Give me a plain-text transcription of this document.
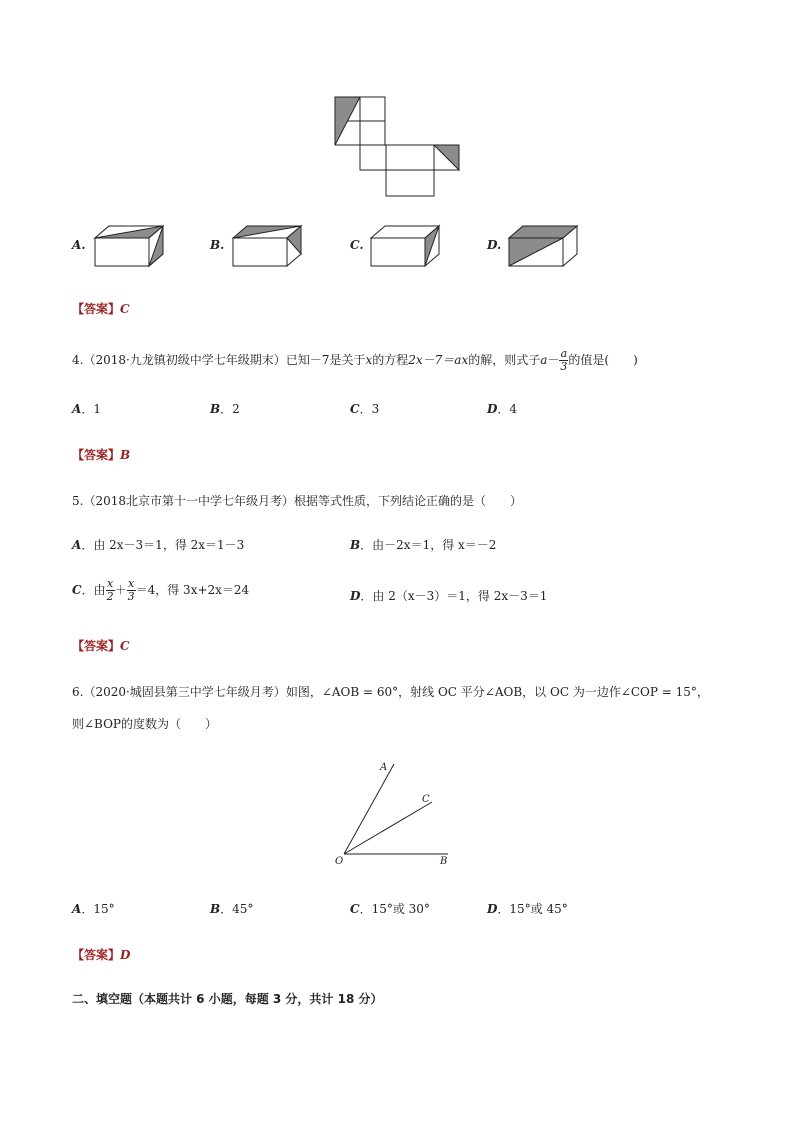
A.	B.	C.	D.
【答案】C
4.（2018·九龙镇初级中学七年级期末）已知－7是关于x的方程2x－7＝ax的解，则式子$a- \frac{a}{3}$ 的值是(　　)
A．1	B．2	C．3	D．4
【答案】B
5.（2018北京市第十一中学七年级月考）根据等式性质，下列结论正确的是（　　）
A．由 2x－3＝1，得 2x＝1－3	B．由－2x＝1，得 x＝－2
C．由 $\frac{x}{2} + \frac{x}{3} =4$，得 3x+2x＝24	D．由 2（x－3）＝1，得 2x－3＝1
【答案】C
6.（2020·城固县第三中学七年级月考）如图，∠AOB = 60°，射线 OC 平分∠AOB，以 OC 为一边作∠COP = 15°，
则∠BOP的度数为（　　）
A
C
O	B
A．15°	B．45°	C．15°或 30°	D．15°或 45°
【答案】D
二、填空题（本题共计 6 小题，每题 3 分，共计 18 分）
